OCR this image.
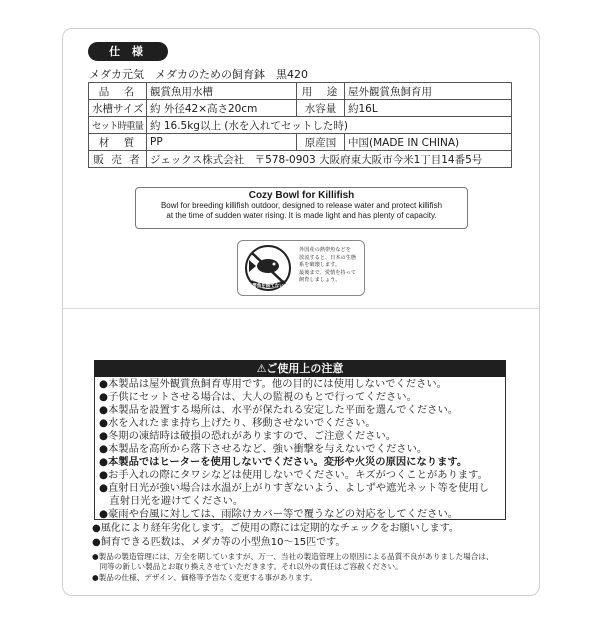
仕 様
メダカ元気　メダカのための飼育鉢　黒420
品　名	観賞魚用水槽	用　途	屋外観賞魚飼育用
水槽サイズ	約 外径42×高さ20cm	水容量	約16L
セット時重量	約 16.5kg以上 (水を入れてセットした時)		
材　質	PP	原産国	中国(MADE IN CHINA)
販 売 者	ジェックス株式会社　〒578-0903 大阪府東大阪市今米1丁目14番5号		
Cozy Bowl for Killifish
Bowl for breeding killifish outdoor, designed to release water and protect killifish
at the time of sudden water rising. It is made light and has plenty of capacity.
外国産の熱帯魚などを
放流すると、日本の生態
系を破壊します。
最後まで、愛情を持って
飼育しましょう。
熱帯魚を捨てないで!
⚠ご使用上の注意
●本製品は屋外観賞魚飼育専用です。他の目的には使用しないでください。
●子供にセットさせる場合は、大人の監視のもとで行ってください。
●本製品を設置する場所は、水平が保たれる安定した平面を選んでください。
●水を入れたまま持ち上げたり、移動させないでください。
●冬期の凍結時は破損の恐れがありますので、ご注意ください。
●本製品を高所から落下させるなど、強い衝撃を与えないでください。
●本製品ではヒーターを使用しないでください。変形や火災の原因になります。
●お手入れの際にタワシなどは使用しないでください。キズがつくことがあります。
●直射日光が強い場合は水温が上がりすぎないよう、よしずや遮光ネット等を使用し
　直射日光を避けてください。
●豪雨や台風に対しては、雨除けカバー等で覆うなどの対応をしてください。
●風化により経年劣化します。ご使用の際には定期的なチェックをお願いします。
●飼育できる匹数は、メダカ等の小型魚10〜15匹です。
●製品の製造管理には、万全を期していますが、万一、当社の製造管理上の原因による品質不良がありました場合は、
　同等の新しい製品とお取り換えさせていただきます。それ以外の責任はご容赦ください。
●製品の仕様、デザイン、価格等予告なく変更する事があります。
